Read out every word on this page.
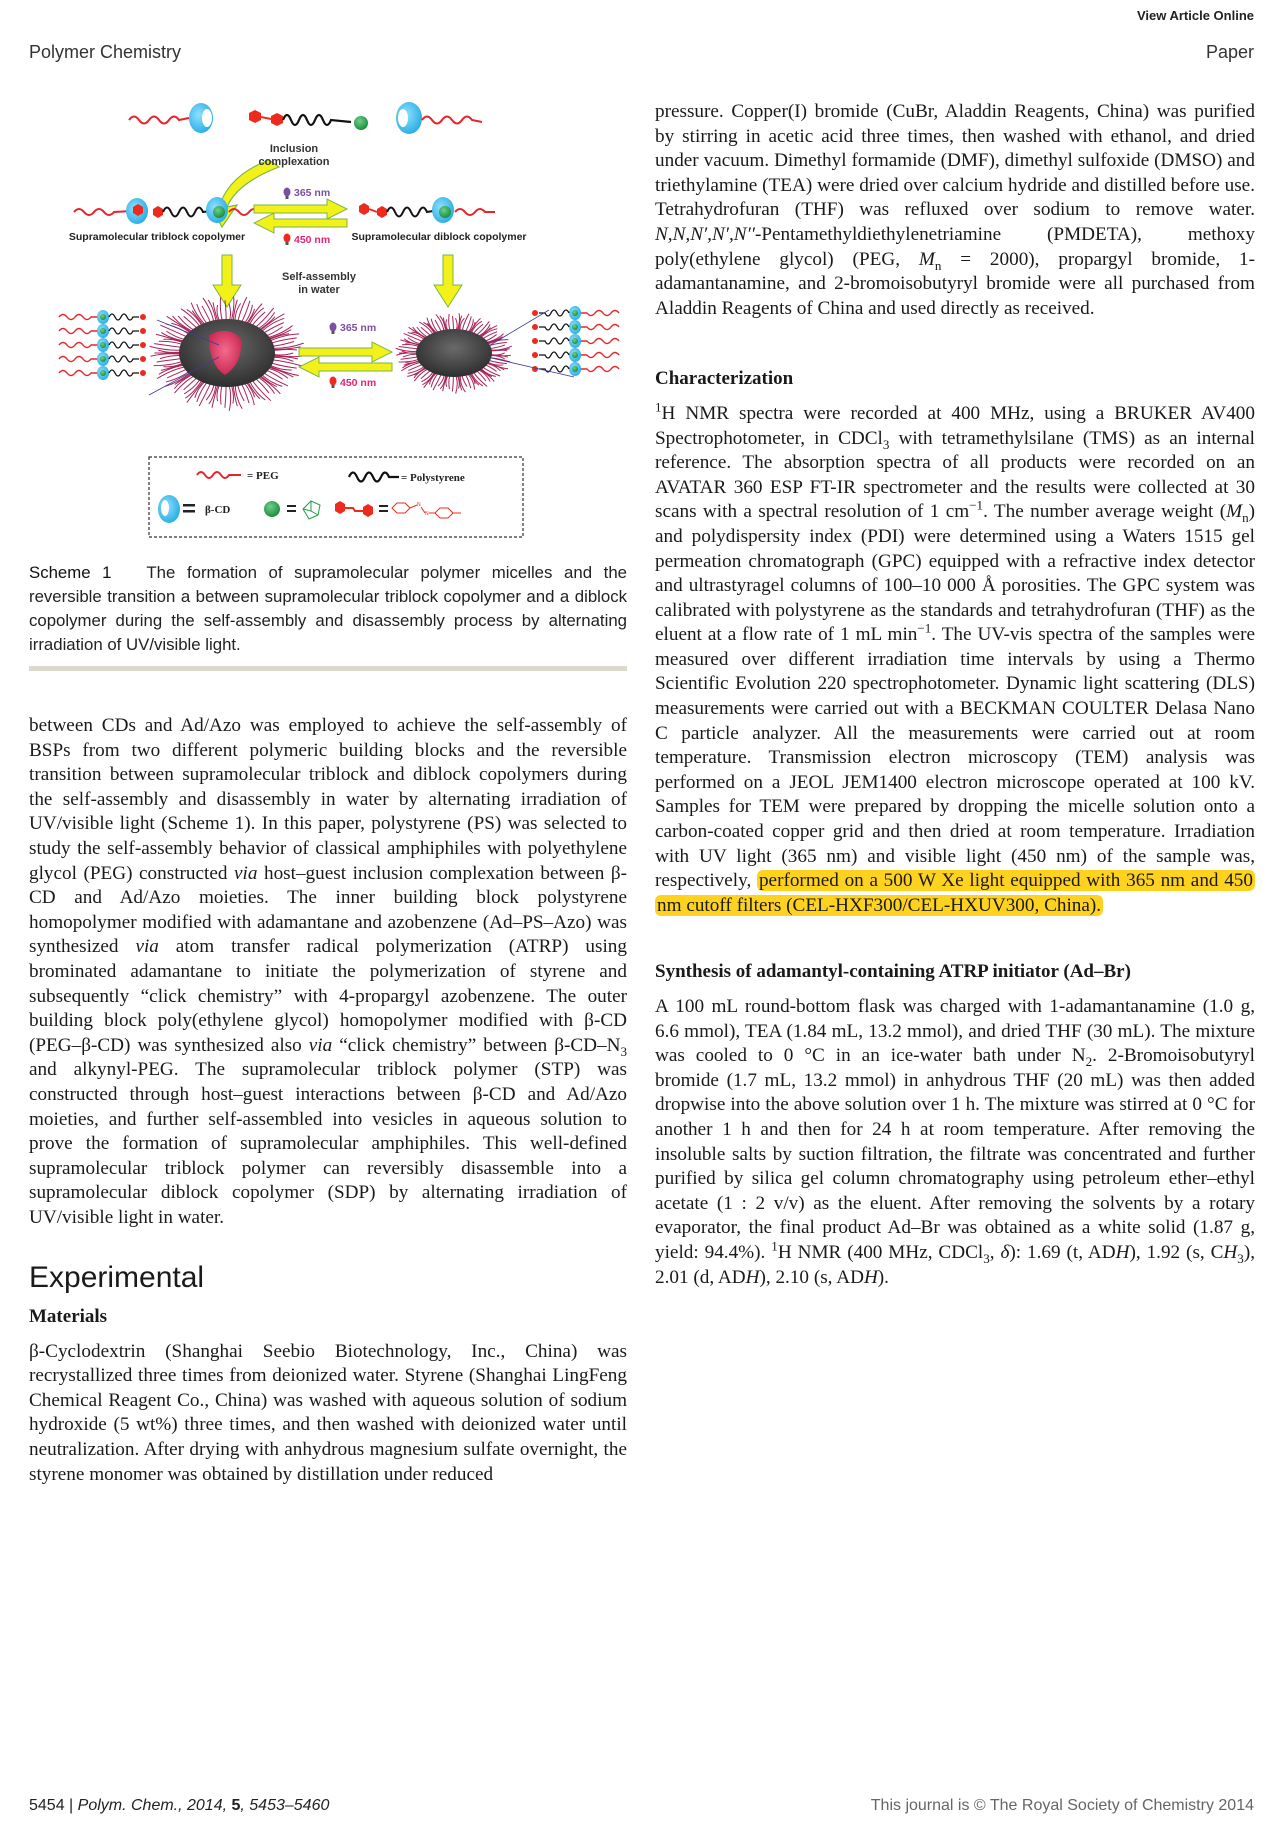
View Article Online
Polymer Chemistry	Paper
Inclusion
complexation
Supramolecular triblock copolymer
365 nm
450 nm Supramolecular diblock copolymer
Self-assembly
in water
365 nm
450 nm
= PEG	= Polystyrene
β-CD	N
N
Scheme 1 The formation of supramolecular polymer micelles and the reversible transition a between supramolecular triblock copolymer and a diblock copolymer during the self-assembly and disassembly process by alternating irradiation of UV/visible light.

between CDs and Ad/Azo was employed to achieve the self-assembly of BSPs from two different polymeric building blocks and the reversible transition between supramolecular triblock and diblock copolymers during the self-assembly and disassembly in water by alternating irradiation of UV/visible light (Scheme 1). In this paper, polystyrene (PS) was selected to study the self-assembly behavior of classical amphiphiles with polyethylene glycol (PEG) constructed via host–guest inclusion complexation between β-CD and Ad/Azo moieties. The inner building block polystyrene homopolymer modified with adamantane and azobenzene (Ad–PS–Azo) was synthesized via atom transfer radical polymerization (ATRP) using brominated adamantane to initiate the polymerization of styrene and subsequently “click chemistry” with 4-propargyl azobenzene. The outer building block poly(ethylene glycol) homopolymer modified with β-CD (PEG–β-CD) was synthesized also via “click chemistry” between $\beta-CD-N_3$ and alkynyl-PEG. The supramolecular triblock polymer (STP) was constructed through host–guest interactions between β-CD and Ad/Azo moieties, and further self-assembled into vesicles in aqueous solution to prove the formation of supramolecular amphiphiles. This well-defined supramolecular triblock polymer can reversibly disassemble into a supramolecular diblock copolymer (SDP) by alternating irradiation of UV/visible light in water.

Experimental
Materials

β-Cyclodextrin (Shanghai Seebio Biotechnology, Inc., China) was recrystallized three times from deionized water. Styrene (Shanghai LingFeng Chemical Reagent Co., China) was washed with aqueous solution of sodium hydroxide (5 wt%) three times, and then washed with deionized water until neutralization. After drying with anhydrous magnesium sulfate overnight, the styrene monomer was obtained by distillation under reduced

pressure. Copper(I) bromide (CuBr, Aladdin Reagents, China) was purified by stirring in acetic acid three times, then washed with ethanol, and dried under vacuum. Dimethyl formamide (DMF), dimethyl sulfoxide (DMSO) and triethylamine (TEA) were dried over calcium hydride and distilled before use. Tetrahydrofuran (THF) was refluxed over sodium to remove water. N,N,N′,N′,N′′-Pentamethyldiethylenetriamine (PMDETA), methoxy poly(ethylene glycol) (PEG, $M_n = 2000$), propargyl bromide, 1-adamantanamine, and 2-bromoisobutyryl bromide were all purchased from Aladdin Reagents of China and used directly as received.

Characterization

$^1$H NMR spectra were recorded at 400 MHz, using a BRUKER AV400 Spectrophotometer, in CDCl$_3$ with tetramethylsilane (TMS) as an internal reference. The absorption spectra of all products were recorded on an AVATAR 360 ESP FT-IR spectrometer and the results were collected at 30 scans with a spectral resolution of 1 $cm^{-1}$. The number average weight $(M_n)$ and polydispersity index (PDI) were determined using a Waters 1515 gel permeation chromatograph (GPC) equipped with a refractive index detector and ultrastyragel columns of 100–10 000 Å porosities. The GPC system was calibrated with polystyrene as the standards and tetrahydrofuran (THF) as the eluent at a flow rate of 1 mL $\min^{-1}$. The UV-vis spectra of the samples were measured over different irradiation time intervals by using a Thermo Scientific Evolution 220 spectrophotometer. Dynamic light scattering (DLS) measurements were carried out with a BECKMAN COULTER Delasa Nano C particle analyzer. All the measurements were carried out at room temperature. Transmission electron microscopy (TEM) analysis was performed on a JEOL JEM1400 electron microscope operated at 100 kV. Samples for TEM were prepared by dropping the micelle solution onto a carbon-coated copper grid and then dried at room temperature. Irradiation with UV light (365 nm) and visible light (450 nm) of the sample was, respectively, performed on a 500 W Xe light equipped with 365 nm and 450 nm cutoff filters (CEL-HXF300/CEL-HXUV300, China).

Synthesis of adamantyl-containing ATRP initiator (Ad–Br)

A 100 mL round-bottom flask was charged with 1-adamantanamine (1.0 g, 6.6 mmol), TEA (1.84 mL, 13.2 mmol), and dried THF (30 mL). The mixture was cooled to 0 °C in an ice-water bath under $N_2$. 2-Bromoisobutyryl bromide (1.7 mL, 13.2 mmol) in anhydrous THF (20 mL) was then added dropwise into the above solution over 1 h. The mixture was stirred at 0 °C for another 1 h and then for 24 h at room temperature. After removing the insoluble salts by suction filtration, the filtrate was concentrated and further purified by silica gel column chromatography using petroleum ether–ethyl acetate (1 : 2 v/v) as the eluent. After removing the solvents by a rotary evaporator, the final product Ad–Br was obtained as a white solid (1.87 g, yield: 94.4%). $^1$H NMR (400 MHz, CDCl$_3$, δ): 1.69 (t, ADH), 1.92 (s, $CH_3$), 2.01 (d, ADH), 2.10 (s, ADH).

5454 | Polym. Chem., 2014, 5, 5453–5460	This journal is © The Royal Society of Chemistry 2014
